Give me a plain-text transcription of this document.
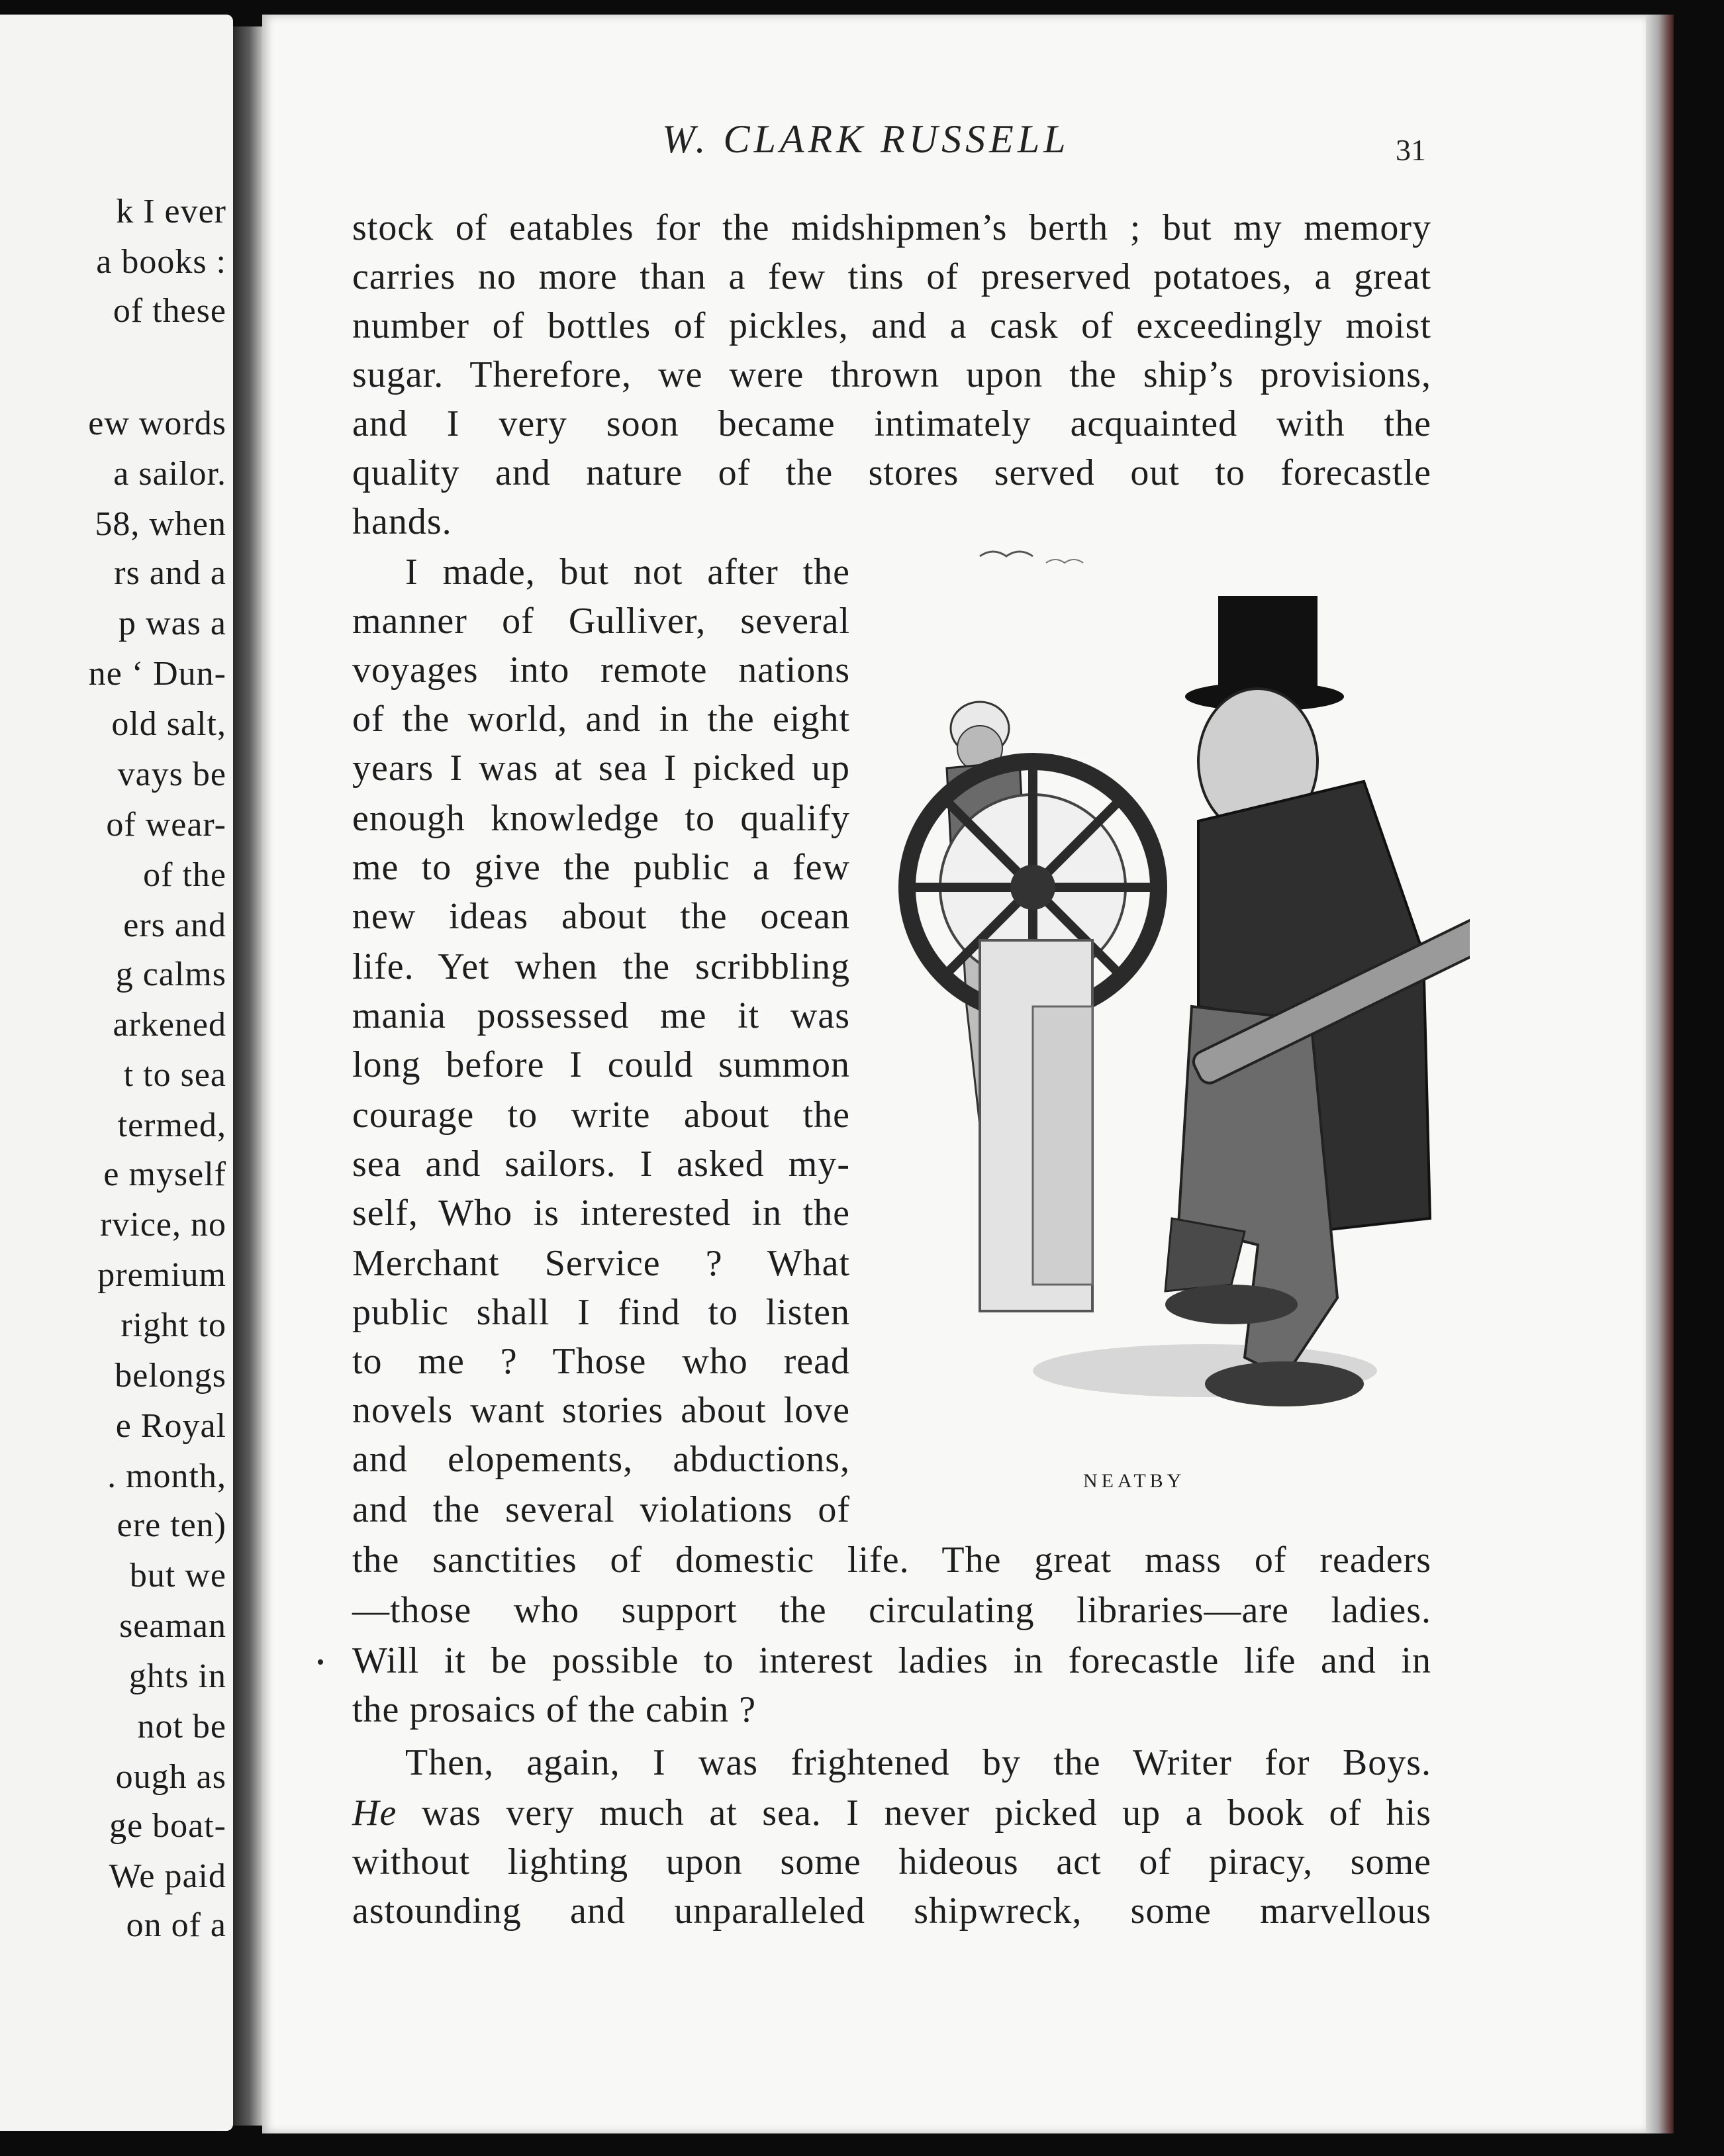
k I ever
a books :
of these
ew words
a sailor.
58, when
rs and a
p was a
ne ‘ Dun-
old salt,
vays be
of wear-
of the
ers and
g calms
arkened
t to sea
termed,
e myself
rvice, no
premium
right to
belongs
e Royal
. month,
ere ten)
but we
seaman
ghts in
not be
ough as
ge boat-
We paid
on of a
W. CLARK RUSSELL	31
stock of eatables for the midshipmen’s berth ; but my memory
carries no more than a few tins of preserved potatoes, a great
number of bottles of pickles, and a cask of exceedingly moist
sugar. Therefore, we were thrown upon the ship’s provisions,
and I very soon became intimately acquainted with the
quality and nature of the stores served out to forecastle
hands.
I made, but not after the
manner of Gulliver, several
voyages into remote nations
of the world, and in the eight
years I was at sea I picked up
enough knowledge to qualify
me to give the public a few
new ideas about the ocean
life. Yet when the scribbling
mania possessed me it was
long before I could summon
courage to write about the
sea and sailors. I asked my-
self, Who is interested in the
Merchant Service ? What
public shall I find to listen
to me ? Those who read
novels want stories about love
and elopements, abductions,
and the several violations of
the sanctities of domestic life. The great mass of readers
—those who support the circulating libraries—are ladies.
Will it be possible to interest ladies in forecastle life and in
the prosaics of the cabin ?
Then, again, I was frightened by the Writer for Boys.
He was very much at sea. I never picked up a book of his
without lighting upon some hideous act of piracy, some
astounding and unparalleled shipwreck, some marvellous
NEATBY
